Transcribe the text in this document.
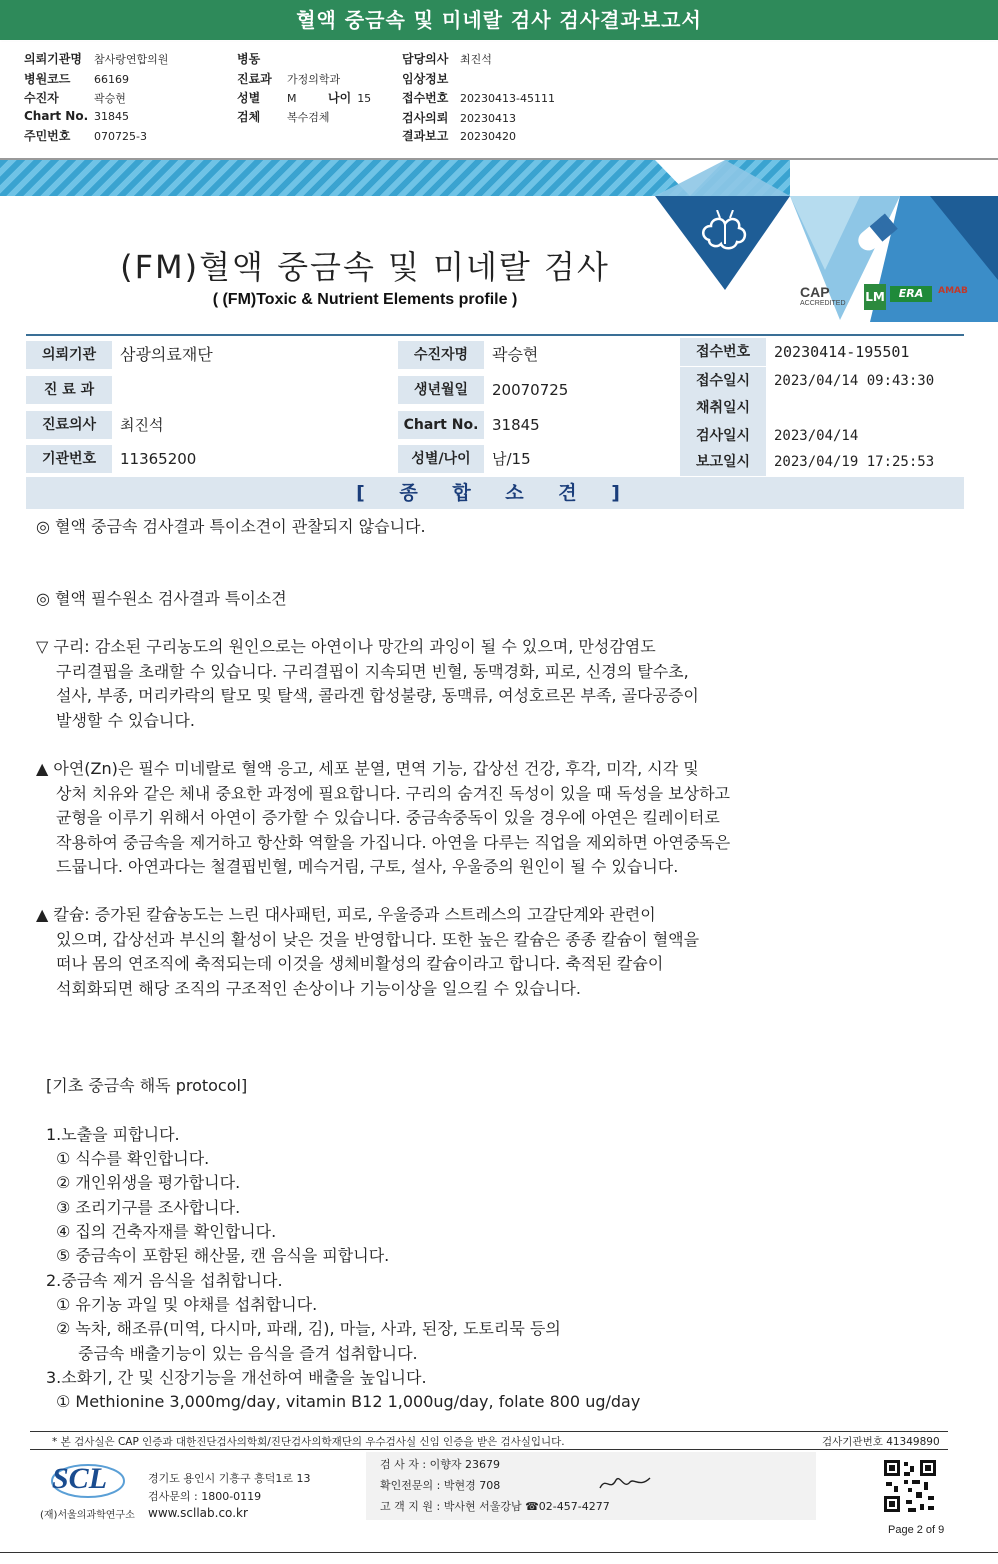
혈액 중금속 및 미네랄 검사 검사결과보고서
의뢰기관명 참사랑연합의원
병원코드 66169
수진자	곽승현
Chart No. 31845
주민번호 070725-3
병동
진료과 가정의학과
성별 M	나이 15
검체 복수검체
담당의사 최진석
임상정보
접수번호 20230413-45111
검사의뢰 20230413
결과보고 20230420
CAP
ACCREDITED	LM	ERA	AMAB
(FM)혈액 중금속 및 미네랄 검사
( (FM)Toxic & Nutrient Elements profile )
의뢰기관	삼광의료재단
진 료 과
진료의사	최진석
기관번호	11365200
수진자명	곽승현
생년월일	20070725
Chart No. 31845
성별/나이	남/15
접수번호	20230414-195501
접수일시	2023/04/14 09:43:30
채취일시
검사일시	2023/04/14
보고일시	2023/04/19 17:25:53
[ 종 합 소 견 ]
◎ 혈액 중금속 검사결과 특이소견이 관찰되지 않습니다.
◎ 혈액 필수원소 검사결과 특이소견
▽ 구리: 감소된 구리농도의 원인으로는 아연이나 망간의 과잉이 될 수 있으며, 만성감염도
구리결핍을 초래할 수 있습니다. 구리결핍이 지속되면 빈혈, 동맥경화, 피로, 신경의 탈수초,
설사, 부종, 머리카락의 탈모 및 탈색, 콜라겐 합성불량, 동맥류, 여성호르몬 부족, 골다공증이
발생할 수 있습니다.
▲ 아연(Zn)은 필수 미네랄로 혈액 응고, 세포 분열, 면역 기능, 갑상선 건강, 후각, 미각, 시각 및
상처 치유와 같은 체내 중요한 과정에 필요합니다. 구리의 숨겨진 독성이 있을 때 독성을 보상하고
균형을 이루기 위해서 아연이 증가할 수 있습니다. 중금속중독이 있을 경우에 아연은 킬레이터로
작용하여 중금속을 제거하고 항산화 역할을 가집니다. 아연을 다루는 직업을 제외하면 아연중독은
드뭅니다. 아연과다는 철결핍빈혈, 메슥거림, 구토, 설사, 우울증의 원인이 될 수 있습니다.
▲ 칼슘: 증가된 칼슘농도는 느린 대사패턴, 피로, 우울증과 스트레스의 고갈단계와 관련이
있으며, 갑상선과 부신의 활성이 낮은 것을 반영합니다. 또한 높은 칼슘은 종종 칼슘이 혈액을
떠나 몸의 연조직에 축적되는데 이것을 생체비활성의 칼슘이라고 합니다. 축적된 칼슘이
석회화되면 해당 조직의 구조적인 손상이나 기능이상을 일으킬 수 있습니다.
[기초 중금속 해독 protocol]
1.노출을 피합니다.
① 식수를 확인합니다.
② 개인위생을 평가합니다.
③ 조리기구를 조사합니다.
④ 집의 건축자재를 확인합니다.
⑤ 중금속이 포함된 해산물, 캔 음식을 피합니다.
2.중금속 제거 음식을 섭취합니다.
① 유기농 과일 및 야채를 섭취합니다.
② 녹차, 해조류(미역, 다시마, 파래, 김), 마늘, 사과, 된장, 도토리묵 등의
중금속 배출기능이 있는 음식을 즐겨 섭취합니다.
3.소화기, 간 및 신장기능을 개선하여 배출을 높입니다.
① Methionine 3,000mg/day, vitamin B12 1,000ug/day, folate 800 ug/day
* 본 검사실은 CAP 인증과 대한진단검사의학회/진단검사의학재단의 우수검사실 신임 인증을 받은 검사실입니다.	검사기관번호 41349890
SCL
(재)서울의과학연구소
경기도 용인시 기흥구 흥덕1로 13
검사문의 : 1800-0119
www.scllab.co.kr
검 사 자 : 이향자 23679
확인전문의 : 박현경 708
고 객 지 원 : 박사현 서울강남 ☎02-457-4277
Page 2 of 9
